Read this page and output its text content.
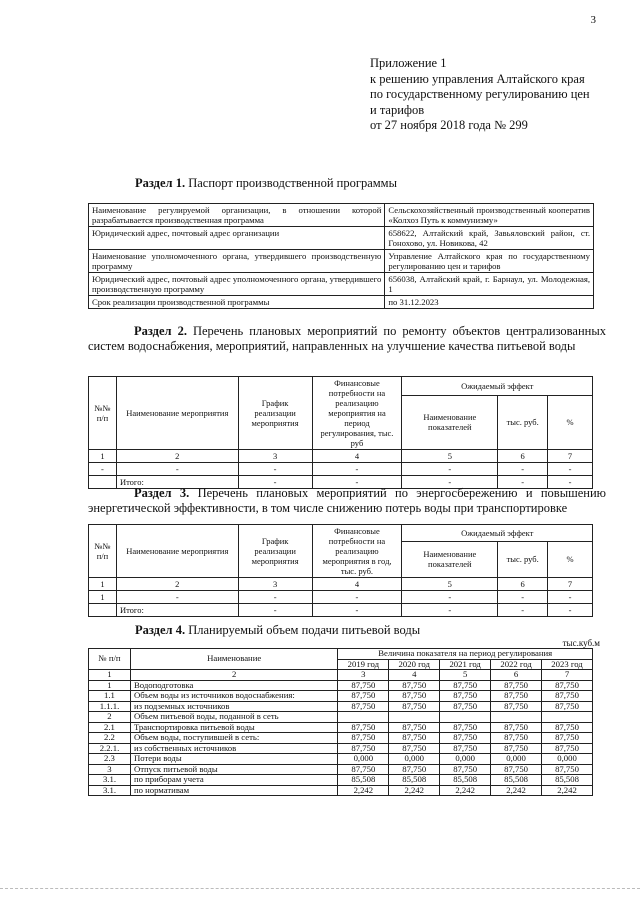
3
Приложение 1
к решению управления Алтайского края
по государственному регулированию цен
и тарифов
от 27 ноября 2018 года № 299
Раздел 1. Паспорт производственной программы
Наименование регулируемой организации, в отношении которой разрабатывается производственная программа	Сельскохозяйственный производственный кооператив «Колхоз Путь к коммунизму»
Юридический адрес, почтовый адрес организации	658622, Алтайский край, Завьяловский район, ст. Гонохово, ул. Новикова, 42
Наименование уполномоченного органа, утвердившего производственную программу	Управление Алтайского края по государственному регулированию цен и тарифов
Юридический адрес, почтовый адрес уполномоченного органа, утвердившего производственную программу	656038, Алтайский край, г. Барнаул, ул. Молодежная, 1
Срок реализации производственной программы	по 31.12.2023
Раздел 2. Перечень плановых мероприятий по ремонту объектов централизованных систем водоснабжения, мероприятий, направленных на улучшение качества питьевой воды
№№ п/п	Наименование мероприятия	График реализации мероприятия	Финансовые потребности на реализацию мероприятия на период регулирования, тыс. руб	Ожидаемый эффект		
				Наименование показателей	тыс. руб.	%
1	2	3	4	5	6	7
-	-	-	-	-	-	-
	Итого:	-	-	-	-	-
Раздел 3. Перечень плановых мероприятий по энергосбережению и повышению энергетической эффективности, в том числе снижению потерь воды при транспортировке
№№ п/п	Наименование мероприятия	График реализации мероприятия	Финансовые потребности на реализацию мероприятия в год, тыс. руб.	Ожидаемый эффект		
				Наименование показателей	тыс. руб.	%
1	2	3	4	5	6	7
1	-	-	-	-	-	-
	Итого:	-	-	-	-	-
Раздел 4. Планируемый объем подачи питьевой воды
тыс.куб.м
№ п/п	Наименование	Величина показателя на период регулирования				
		2019 год	2020 год	2021 год	2022 год	2023 год
1	2	3	4	5	6	7
1	Водоподготовка	87,750	87,750	87,750	87,750	87,750
1.1	Объем воды из источников водоснабжения:	87,750	87,750	87,750	87,750	87,750
1.1.1.	из подземных источников	87,750	87,750	87,750	87,750	87,750
2	Объем питьевой воды, поданной в сеть					
2.1	Транспортировка питьевой воды	87,750	87,750	87,750	87,750	87,750
2.2	Объем воды, поступившей в сеть:	87,750	87,750	87,750	87,750	87,750
2.2.1.	из собственных источников	87,750	87,750	87,750	87,750	87,750
2.3	Потери воды	0,000	0,000	0,000	0,000	0,000
3	Отпуск питьевой воды	87,750	87,750	87,750	87,750	87,750
3.1.	по приборам учета	85,508	85,508	85,508	85,508	85,508
3.1.	по нормативам	2,242	2,242	2,242	2,242	2,242
